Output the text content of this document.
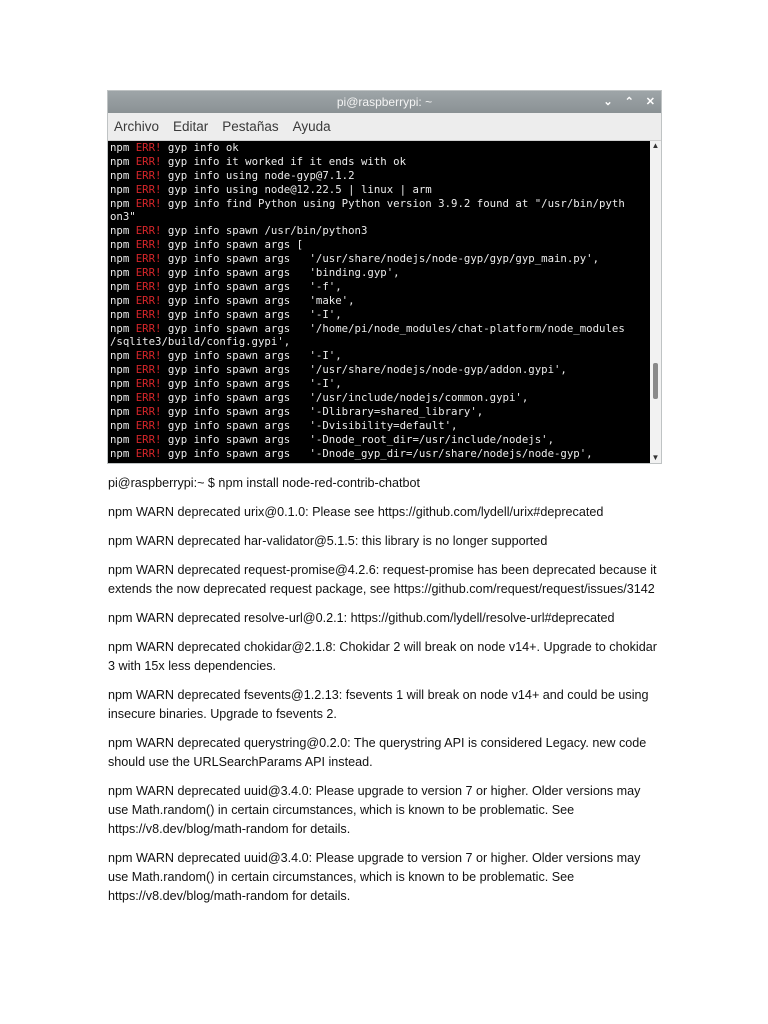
pi@raspberrypi: ~	⌄ ⌃ ✕
Archivo Editar Pestañas Ayuda
npm ERR! gyp info ok
npm ERR! gyp info it worked if it ends with ok
npm ERR! gyp info using node-gyp@7.1.2
npm ERR! gyp info using node@12.22.5 | linux | arm
npm ERR! gyp info find Python using Python version 3.9.2 found at "/usr/bin/pyth
on3"
npm ERR! gyp info spawn /usr/bin/python3
npm ERR! gyp info spawn args [
npm ERR! gyp info spawn args   '/usr/share/nodejs/node-gyp/gyp/gyp_main.py',
npm ERR! gyp info spawn args   'binding.gyp',
npm ERR! gyp info spawn args   '-f',
npm ERR! gyp info spawn args   'make',
npm ERR! gyp info spawn args   '-I',
npm ERR! gyp info spawn args   '/home/pi/node_modules/chat-platform/node_modules
/sqlite3/build/config.gypi',
npm ERR! gyp info spawn args   '-I',
npm ERR! gyp info spawn args   '/usr/share/nodejs/node-gyp/addon.gypi',
npm ERR! gyp info spawn args   '-I',
npm ERR! gyp info spawn args   '/usr/include/nodejs/common.gypi',
npm ERR! gyp info spawn args   '-Dlibrary=shared_library',
npm ERR! gyp info spawn args   '-Dvisibility=default',
npm ERR! gyp info spawn args   '-Dnode_root_dir=/usr/include/nodejs',
npm ERR! gyp info spawn args   '-Dnode_gyp_dir=/usr/share/nodejs/node-gyp',
▲
▼

pi@raspberrypi:~ $ npm install node-red-contrib-chatbot

npm WARN deprecated urix@0.1.0: Please see https://github.com/lydell/urix#deprecated

npm WARN deprecated har-validator@5.1.5: this library is no longer supported

npm WARN deprecated request-promise@4.2.6: request-promise has been deprecated because it extends the now deprecated request package, see https://github.com/request/request/issues/3142

npm WARN deprecated resolve-url@0.2.1: https://github.com/lydell/resolve-url#deprecated

npm WARN deprecated chokidar@2.1.8: Chokidar 2 will break on node v14+. Upgrade to chokidar 3 with 15x less dependencies.

npm WARN deprecated fsevents@1.2.13: fsevents 1 will break on node v14+ and could be using insecure binaries. Upgrade to fsevents 2.

npm WARN deprecated querystring@0.2.0: The querystring API is considered Legacy. new code should use the URLSearchParams API instead.

npm WARN deprecated uuid@3.4.0: Please upgrade to version 7 or higher. Older versions may use Math.random() in certain circumstances, which is known to be problematic. See https://v8.dev/blog/math-random for details.

npm WARN deprecated uuid@3.4.0: Please upgrade to version 7 or higher. Older versions may use Math.random() in certain circumstances, which is known to be problematic. See https://v8.dev/blog/math-random for details.
